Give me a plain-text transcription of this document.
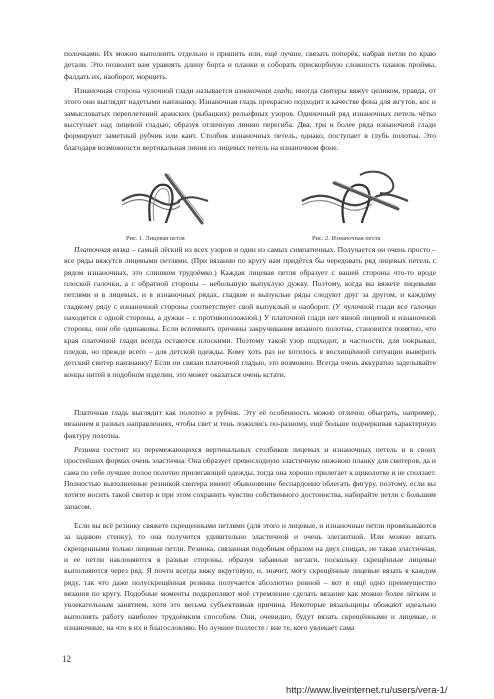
полочками. Их можно выполнить отдельно и пришить или, ещё лучше, связать поперёк, набрав петли по краю детали. Это позволит вам уравнять длину борта и планки и соборать прискорбную сложность планок проймы, фалдать их, наоборот, морщить.

Изнаночная сторона чулочной глади называется изнаночная гладь; иногда свитеры вяжут целиком, правда, от этого они выглядят надетыми наизнанку. Изнаночная гладь прекрасно подходит в качестве фона для жгутов, кос и замысловатых переплетений аранских (рыбацких) рельефных узоров. Одиночный ряд изнаночных петель чётко выступает над лицевой гладью, образуя отличную линию перегиба. Два, три и более ряда изнаночной глади формируют заметный рубчик или кант. Столбик изнаночных петель, однако, поступает в глубь полотна. Это благодаря возможности вертикальная линия из лицевых петель на изнаночном фоне.

Рис. 1. Лицевая петля	Рис. 2. Изнаночная петля

Платочная вязка – самый лёгкий из всех узоров и один из самых симпатичных. Получается он очень просто – все ряды вяжутся лицевыми петлями. (При вязании по кругу вам придётся бы чередовать ряд лицевых петель с рядом изнаночных, это слишком трудоёмко.) Каждая лицевая петля образует с вашей стороны что-то вроде плоской галочки, а с обратной стороны – небольшую выпуклую дужку. Поэтому, когда вы вяжете лицевыми петлями и в лицевых, и в изнаночных рядах, гладкие и выпуклые ряды следуют друг за другом, и каждому гладкому ряду с изнаночной стороны соответствует свой выпуклый и наоборот. (У чулочной глади все галочки находятся с одной стороны, а дужки – с противоположной.) У платочной глади нет явной лицевой и изнаночной стороны, они обе одинаковы. Если вспомнить причины закручивания вязаного полотна, становится понятно, что края платочной глади всегда остаются плоскими. Поэтому такой узор подходит, в частности, для покрывал, пледов, но прежде всего – для детской одежды. Кому хоть раз не хотелось в восхищённой ситуации выверить детский свитер наизнанку? Если он связан платочной гладью, это возможно. Всегда очень аккуратно заделывайте концы нитей в подобном изделии, это может оказаться очень кстати.

Платочная гладь выглядит как полотно в рубчик. Эту её особенность можно отлично обыграть, например, вязанием в разных направлениях, чтобы свет и тень ложились по-разному, ещё больше подчеркивая характерную фактуру полотна.

Резинка состоит из перемежающихся вертикальных столбиков лицевых и изнаночных петель и в своих простейших формах очень эластична. Она образует превосходную эластичную нижнюю планку для свитеров, да и сама по себе лучшее полое полотно прилегающей одежды, тогда она хорошо прилегает к щиколотке и не сползает. Полностью выполненные резинкой свитера имеют обыкновение беспардонно облегать фигуру, поэтому, если вы хотите носить такой свитер и при этом сохранить чувство собственного достоинства, набирайте петли с большим запасом.

Если вы всё резинку свяжете скрещенными петлями (для этого и лицевые, и изнаночные петли провязываются за заднюю стенку), то она получится удивительно эластичной и очень элегантной. Или можно вязать скрещенными только лицевые петли. Резинка, связанная подобным образом на двух спицах, не такая эластичная, и ее петли наклоняются в разные стороны, образуя забавные зигзаги, поскольку скрещённые лицевые выполняются через ряд. Я почти всегда вяжу вкруговую, и, значит, могу скрещённые лицевые вязать в каждом ряду, так что даже полускрещённая резинка получается абсолютно ровной – вот и ещё одно преимущество вязания по кругу. Подобные моменты подкрепляют моё стремление сделать вязание как можно более лёгким и увлекательным занятием, хотя это весьма субъективная причина. Некоторые вязальщицы обожают идеально выполнять работу наиболее трудоёмким способом. Они, очевидно, будут вязать скрещёнными и лицевые, и изнаночные, на что я их и благословляю. Но лучшее поллесте / вне те, кого увлекает сама

12
http://www.liveinternet.ru/users/vera-1/
